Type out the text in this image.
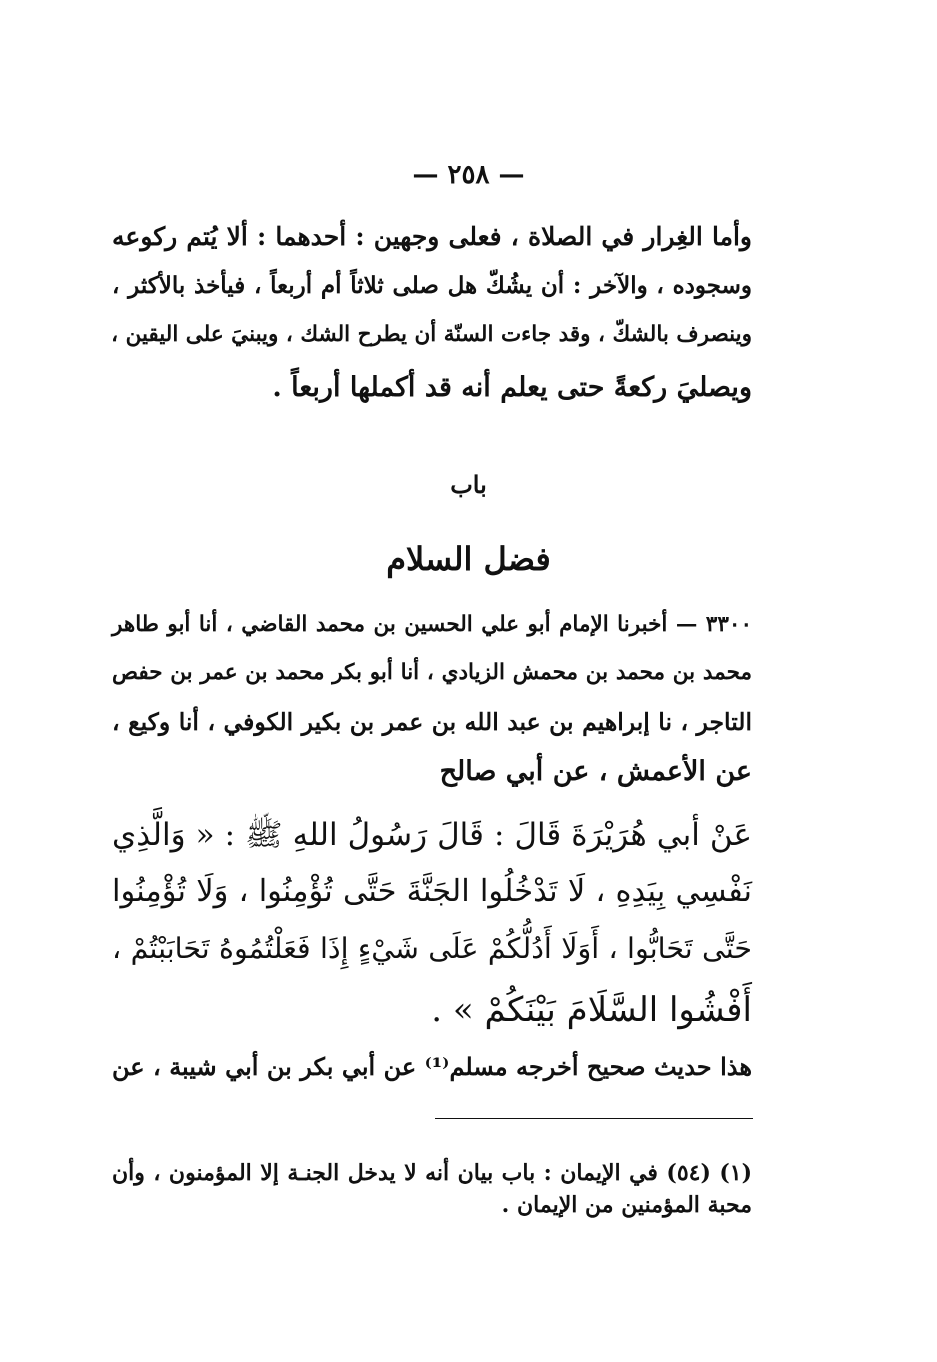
— ٢٥٨ —
وأما الغِرار في الصلاة ، فعلى وجهين : أحدهما : ألا يُتم ركوعه
وسجوده ، والآخر : أن يشُكّ هل صلى ثلاثاً أم أربعاً ، فيأخذ بالأكثر ،
وينصرف بالشكّ ، وقد جاءت السنّة أن يطرح الشك ، ويبنيَ على اليقين ،
ويصليَ ركعةً حتى يعلم أنه قد أكملها أربعاً .
باب
فضل السلام
٣٣٠٠ — أخبرنا الإمام أبو علي الحسين بن محمد القاضي ، أنا أبو طاهر
محمد بن محمد بن محمش الزيادي ، أنا أبو بكر محمد بن عمر بن حفص
التاجر ، نا إبراهيم بن عبد الله بن عمر بن بكير الكوفي ، أنا وكيع ،
عن الأعمش ، عن أبي صالح
عَنْ أبي هُرَيْرَةَ قَالَ : قَالَ رَسُولُ اللهِ ﷺ : « وَالَّذِي
نَفْسِي بِيَدِهِ ، لَا تَدْخُلُوا الجَنَّةَ حَتَّى تُؤْمِنُوا ، وَلَا تُؤْمِنُوا
حَتَّى تَحَابُّوا ، أَوَلَا أَدُلُّكُمْ عَلَى شَيْءٍ إِذَا فَعَلْتُمُوهُ تَحَابَبْتُمْ ،
أَفْشُوا السَّلَامَ بَيْنَكُمْ » .
هذا حديث صحيح أخرجه مسلم⁽¹⁾ عن أبي بكر بن أبي شيبة ، عن
(١) (٥٤) في الإيمان : باب بيان أنه لا يدخل الجنـة إلا المؤمنون ، وأن
محبة المؤمنين من الإيمان .
